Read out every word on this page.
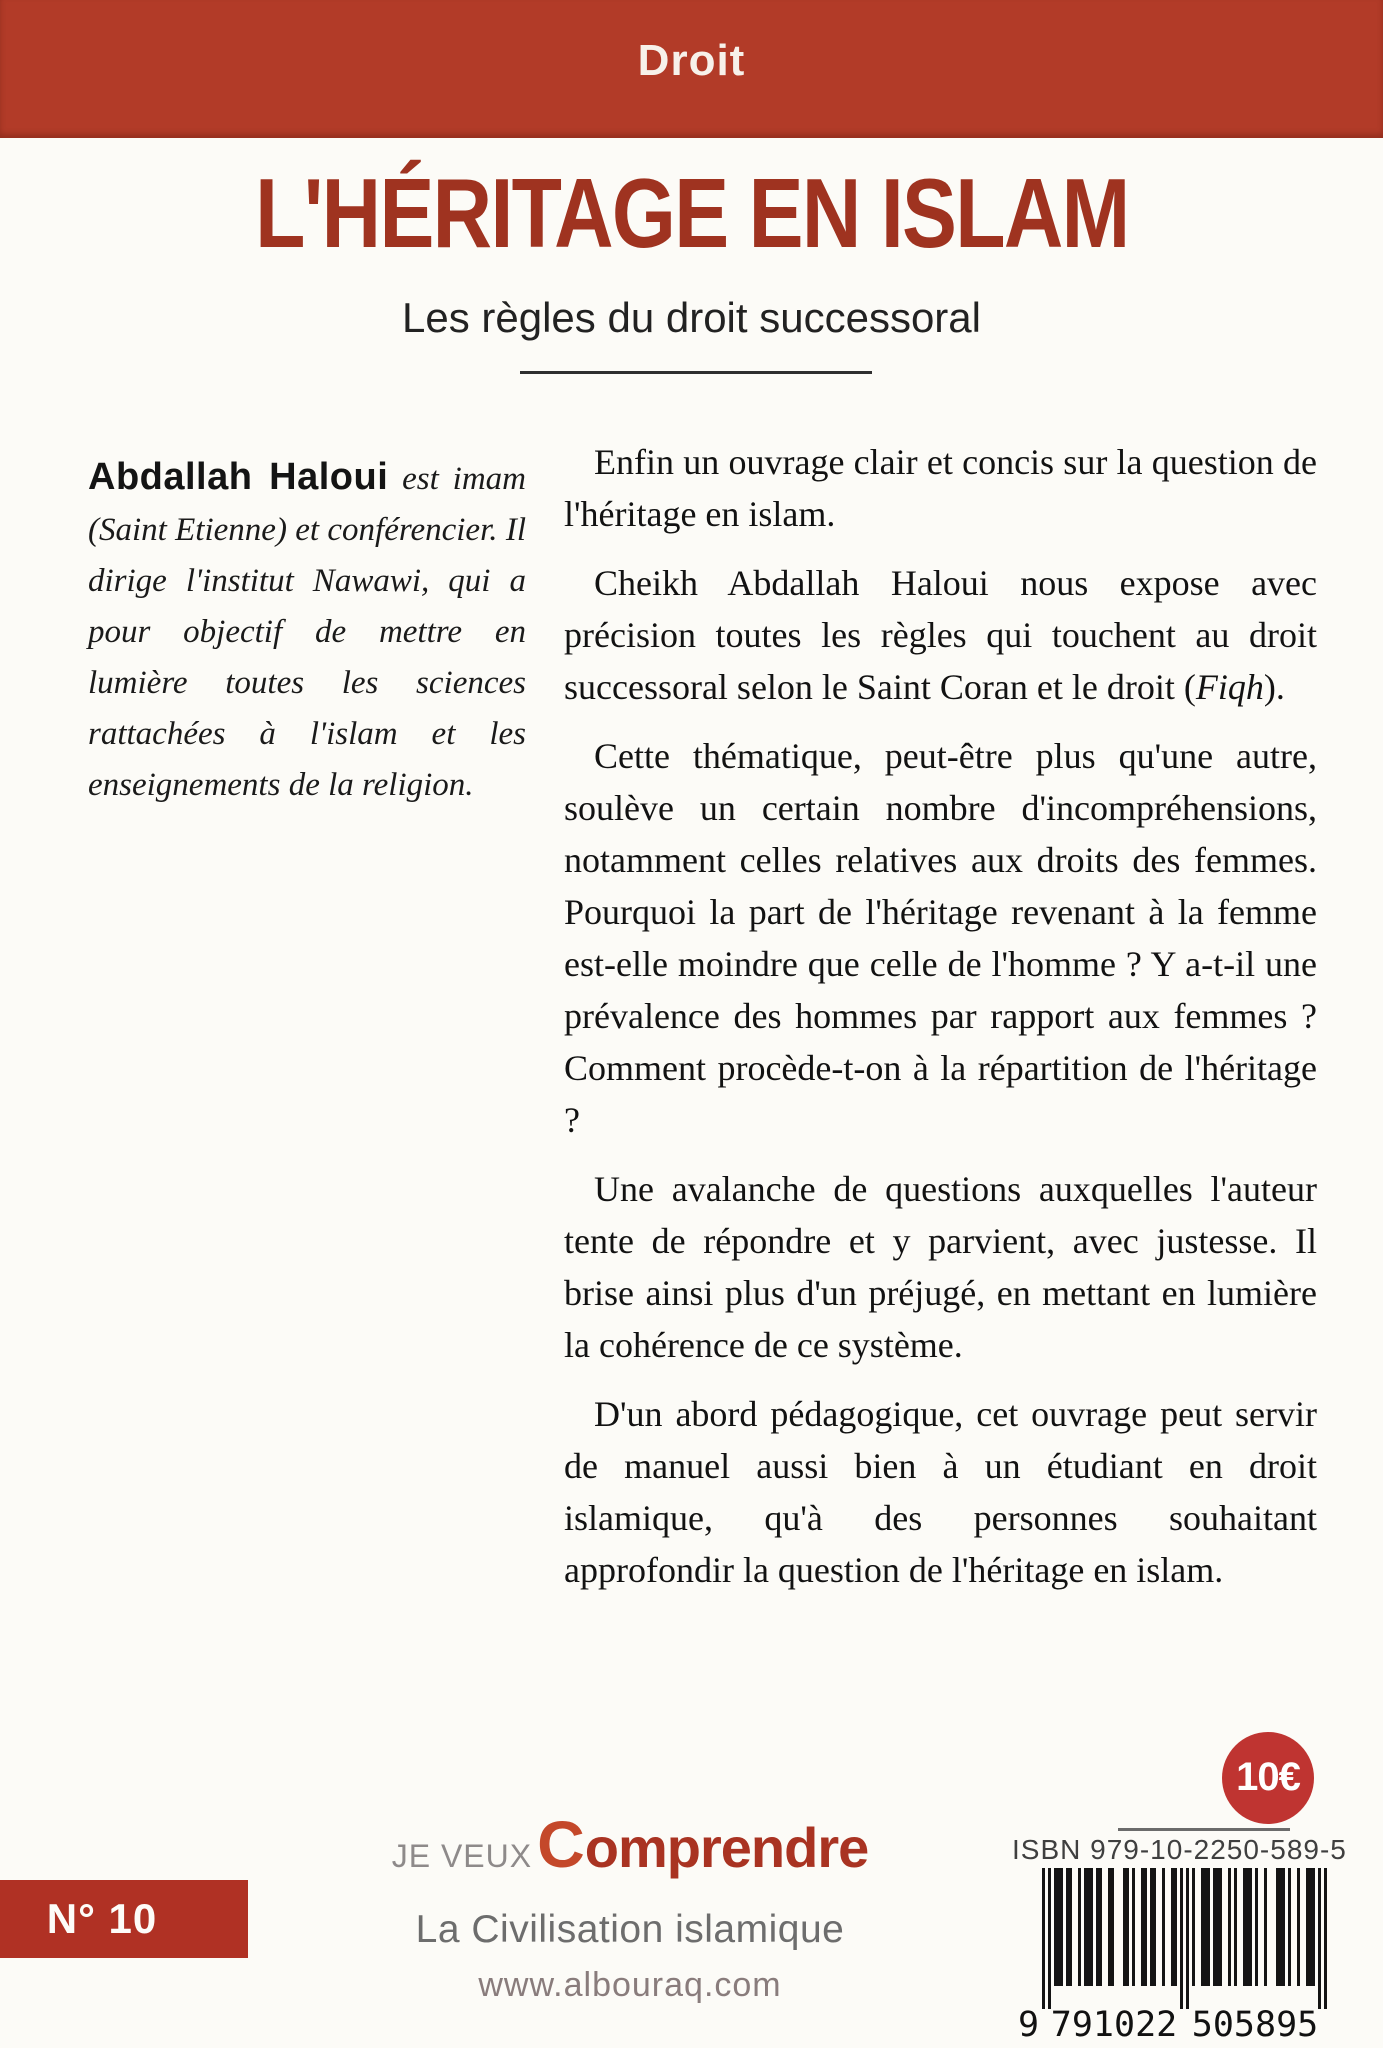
Droit
L'HÉRITAGE EN ISLAM
Les règles du droit successoral
Abdallah Haloui est imam (Saint Etienne) et conférencier. Il dirige l'institut Nawawi, qui a pour objectif de mettre en lumière toutes les sciences rattachées à l'islam et les enseignements de la religion.

Enfin un ouvrage clair et concis sur la question de l'héritage en islam.

Cheikh Abdallah Haloui nous expose avec précision toutes les règles qui touchent au droit successoral selon le Saint Coran et le droit (Fiqh).

Cette thématique, peut-être plus qu'une autre, soulève un certain nombre d'incompréhensions, notamment celles relatives aux droits des femmes. Pourquoi la part de l'héritage revenant à la femme est-elle moindre que celle de l'homme ? Y a-t-il une prévalence des hommes par rapport aux femmes ? Comment procède-t-on à la répartition de l'héritage ?

Une avalanche de questions auxquelles l'auteur tente de répondre et y parvient, avec justesse. Il brise ainsi plus d'un préjugé, en mettant en lumière la cohérence de ce système.

D'un abord pédagogique, cet ouvrage peut servir de manuel aussi bien à un étudiant en droit islamique, qu'à des personnes souhaitant approfondir la question de l'héritage en islam.

10€
JE VEUX C omprendre
N° 10	La Civilisation islamique
www.albouraq.com
ISBN 979-10-2250-589-5
9 791022 505895
